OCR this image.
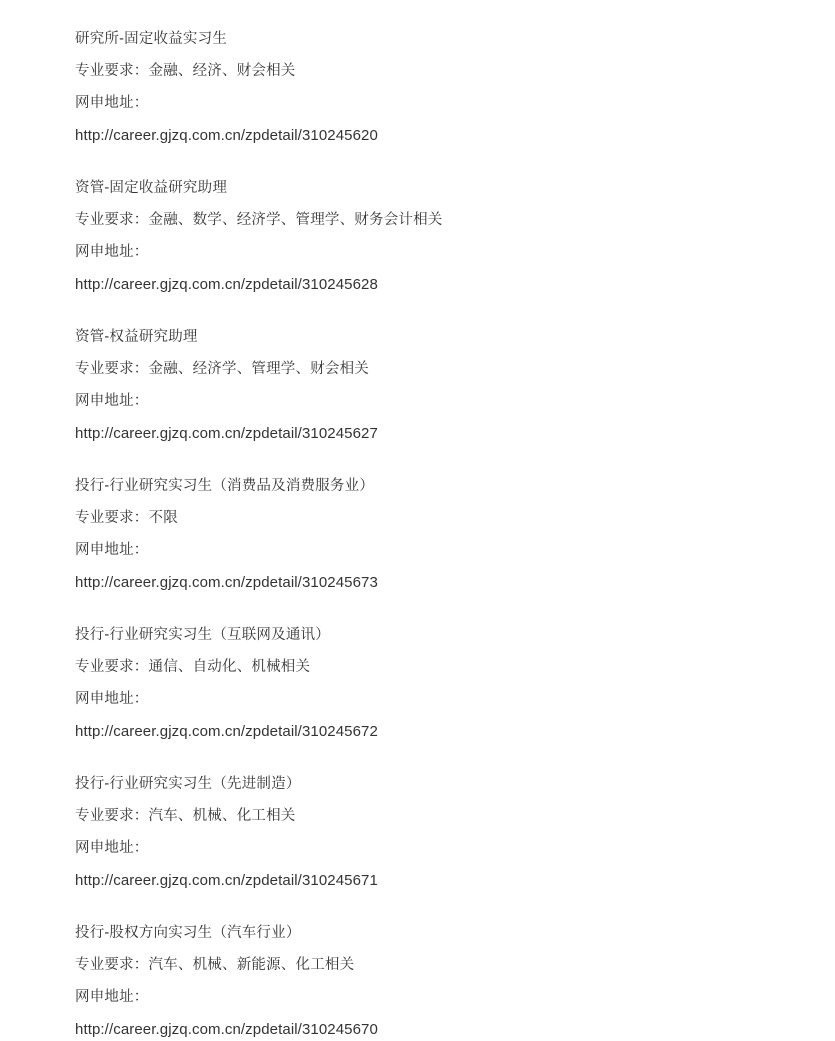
研究所-固定收益实习生
专业要求：金融、经济、财会相关
网申地址：
http://career.gjzq.com.cn/zpdetail/310245620
资管-固定收益研究助理
专业要求：金融、数学、经济学、管理学、财务会计相关
网申地址：
http://career.gjzq.com.cn/zpdetail/310245628
资管-权益研究助理
专业要求：金融、经济学、管理学、财会相关
网申地址：
http://career.gjzq.com.cn/zpdetail/310245627
投行-行业研究实习生（消费品及消费服务业）
专业要求：不限
网申地址：
http://career.gjzq.com.cn/zpdetail/310245673
投行-行业研究实习生（互联网及通讯）
专业要求：通信、自动化、机械相关
网申地址：
http://career.gjzq.com.cn/zpdetail/310245672
投行-行业研究实习生（先进制造）
专业要求：汽车、机械、化工相关
网申地址：
http://career.gjzq.com.cn/zpdetail/310245671
投行-股权方向实习生（汽车行业）
专业要求：汽车、机械、新能源、化工相关
网申地址：
http://career.gjzq.com.cn/zpdetail/310245670
